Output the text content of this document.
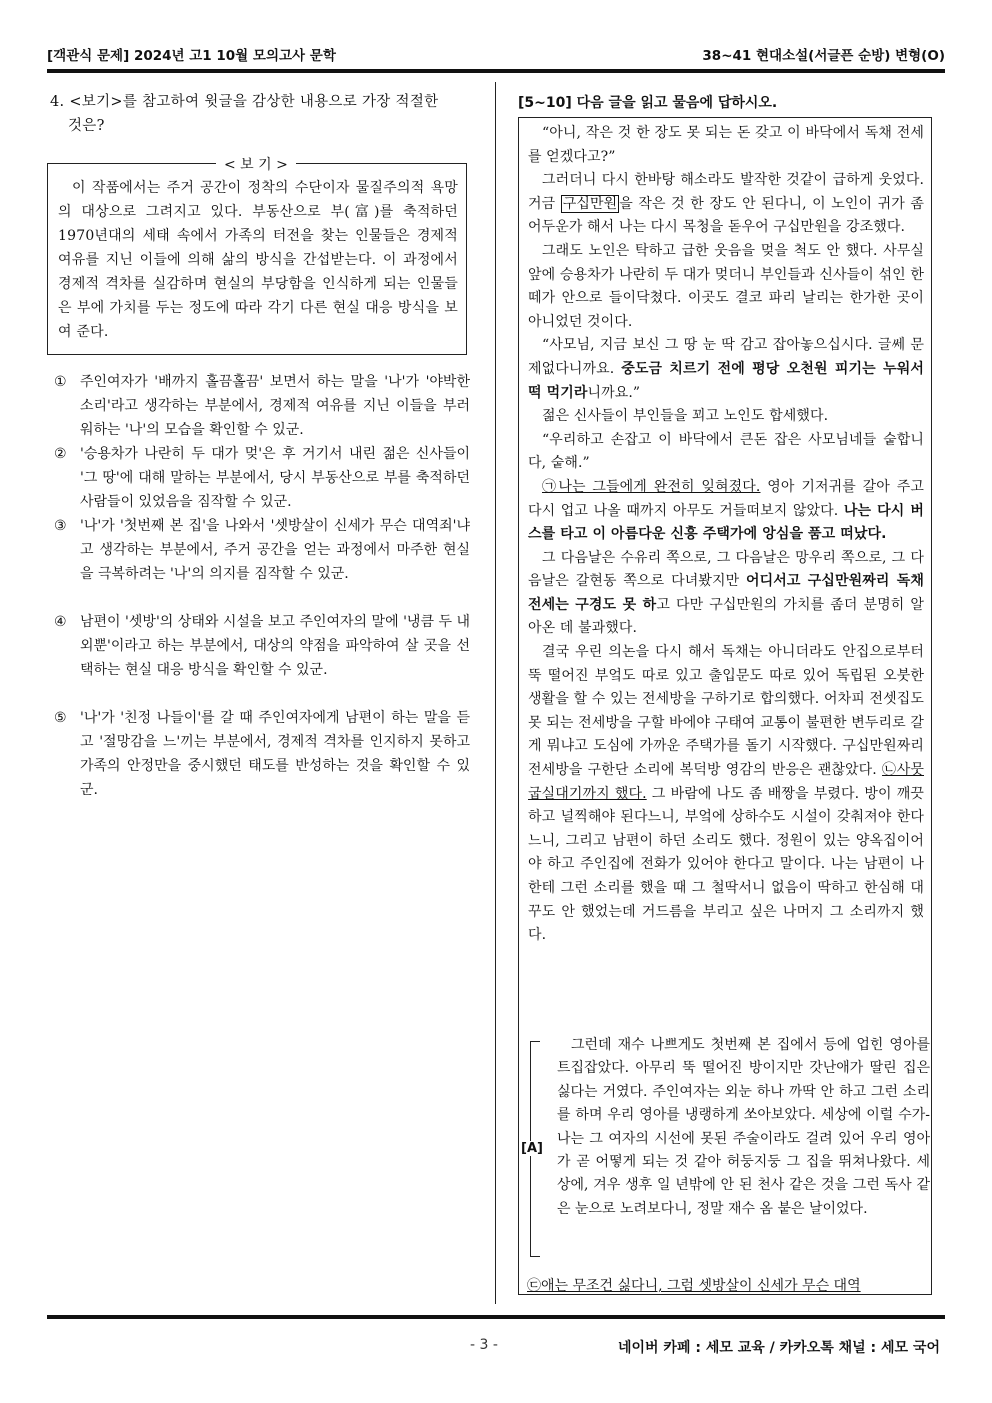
[객관식 문제] 2024년 고1 10월 모의고사 문학	38~41 현대소설(서글픈 순방) 변형(O)
4. <보기>를 참고하여 윗글을 감상한 내용으로 가장 적절한
것은?
< 보 기 >
이 작품에서는 주거 공간이 정착의 수단이자 물질주의적 욕망의 대상으로 그려지고 있다. 부동산으로 부(富)를 축적하던 1970년대의 세태 속에서 가족의 터전을 찾는 인물들은 경제적 여유를 지닌 이들에 의해 삶의 방식을 간섭받는다. 이 과정에서 경제적 격차를 실감하며 현실의 부당함을 인식하게 되는 인물들은 부에 가치를 두는 정도에 따라 각기 다른 현실 대응 방식을 보여 준다.
① 주인여자가 '배까지 홀끔홀끔' 보면서 하는 말을 '나'가 '야박한 소리'라고 생각하는 부분에서, 경제적 여유를 지닌 이들을 부러워하는 '나'의 모습을 확인할 수 있군.
② '승용차가 나란히 두 대가 멎'은 후 거기서 내린 젊은 신사들이 '그 땅'에 대해 말하는 부분에서, 당시 부동산으로 부를 축적하던 사람들이 있었음을 짐작할 수 있군.
③ '나'가 '첫번째 본 집'을 나와서 '셋방살이 신세가 무슨 대역죄'냐고 생각하는 부분에서, 주거 공간을 얻는 과정에서 마주한 현실을 극복하려는 '나'의 의지를 짐작할 수 있군.
④ 남편이 '셋방'의 상태와 시설을 보고 주인여자의 말에 '냉큼 두 내외뿐'이라고 하는 부분에서, 대상의 약점을 파악하여 살 곳을 선택하는 현실 대응 방식을 확인할 수 있군.
⑤ '나'가 '친정 나들이'를 갈 때 주인여자에게 남편이 하는 말을 듣고 '절망감을 느'끼는 부분에서, 경제적 격차를 인지하지 못하고 가족의 안정만을 중시했던 태도를 반성하는 것을 확인할 수 있군.
[5~10] 다음 글을 읽고 물음에 답하시오.

“아니, 작은 것 한 장도 못 되는 돈 갖고 이 바닥에서 독채 전세를 얻겠다고?”

그러더니 다시 한바탕 해소라도 발작한 것같이 급하게 웃었다. 거금 구십만원 을 작은 것 한 장도 안 된다니, 이 노인이 귀가 좀 어두운가 해서 나는 다시 목청을 돋우어 구십만원을 강조했다.

그래도 노인은 탁하고 급한 웃음을 멎을 척도 안 했다. 사무실 앞에 승용차가 나란히 두 대가 멎더니 부인들과 신사들이 섞인 한 떼가 안으로 들이닥쳤다. 이곳도 결코 파리 날리는 한가한 곳이 아니었던 것이다.

“사모님, 지금 보신 그 땅 눈 딱 감고 잡아놓으십시다. 글쎄 문제없다니까요. 중도금 치르기 전에 평당 오천원 피기는 누워서 떡 먹기라니까요.”

젊은 신사들이 부인들을 꾀고 노인도 합세했다.

“우리하고 손잡고 이 바닥에서 큰돈 잡은 사모님네들 숱합니다, 숱해.”

㉠나는 그들에게 완전히 잊혀졌다. 영아 기저귀를 갈아 주고 다시 업고 나올 때까지 아무도 거들떠보지 않았다. 나는 다시 버스를 타고 이 아름다운 신흥 주택가에 앙심을 품고 떠났다.

그 다음날은 수유리 쪽으로, 그 다음날은 망우리 쪽으로, 그 다음날은 갈현동 쪽으로 다녀봤지만 어디서고 구십만원짜리 독채 전세는 구경도 못 하고 다만 구십만원의 가치를 좀더 분명히 알아온 데 불과했다.

결국 우린 의논을 다시 해서 독채는 아니더라도 안집으로부터 뚝 떨어진 부엌도 따로 있고 출입문도 따로 있어 독립된 오붓한 생활을 할 수 있는 전세방을 구하기로 합의했다. 어차피 전셋집도 못 되는 전세방을 구할 바에야 구태여 교통이 불편한 변두리로 갈 게 뭐냐고 도심에 가까운 주택가를 돌기 시작했다. 구십만원짜리 전세방을 구한단 소리에 복덕방 영감의 반응은 괜찮았다. ㉡사뭇 굽실대기까지 했다. 그 바람에 나도 좀 배짱을 부렸다. 방이 깨끗하고 널찍해야 된다느니, 부엌에 상하수도 시설이 갖춰져야 한다느니, 그리고 남편이 하던 소리도 했다. 정원이 있는 양옥집이어야 하고 주인집에 전화가 있어야 한다고 말이다. 나는 남편이 나한테 그런 소리를 했을 때 그 철딱서니 없음이 딱하고 한심해 대꾸도 안 했었는데 거드름을 부리고 싶은 나머지 그 소리까지 했다.

[A]
그런데 재수 나쁘게도 첫번째 본 집에서 등에 업힌 영아를 트집잡았다. 아무리 뚝 떨어진 방이지만 갓난애가 딸린 집은 싫다는 거였다. 주인여자는 외눈 하나 까딱 안 하고 그런 소리를 하며 우리 영아를 냉랭하게 쏘아보았다. 세상에 이럴 수가- 나는 그 여자의 시선에 못된 주술이라도 걸려 있어 우리 영아가 곧 어떻게 되는 것 같아 허둥지둥 그 집을 뛰쳐나왔다. 세상에, 겨우 생후 일 년밖에 안 된 천사 같은 것을 그런 독사 같은 눈으로 노려보다니, 정말 재수 옴 붙은 날이었다.
㉢애는 무조건 싫다니, 그럼 셋방살이 신세가 무슨 대역
- 3 -	네이버 카페 : 세모 교육 / 카카오톡 채널 : 세모 국어
